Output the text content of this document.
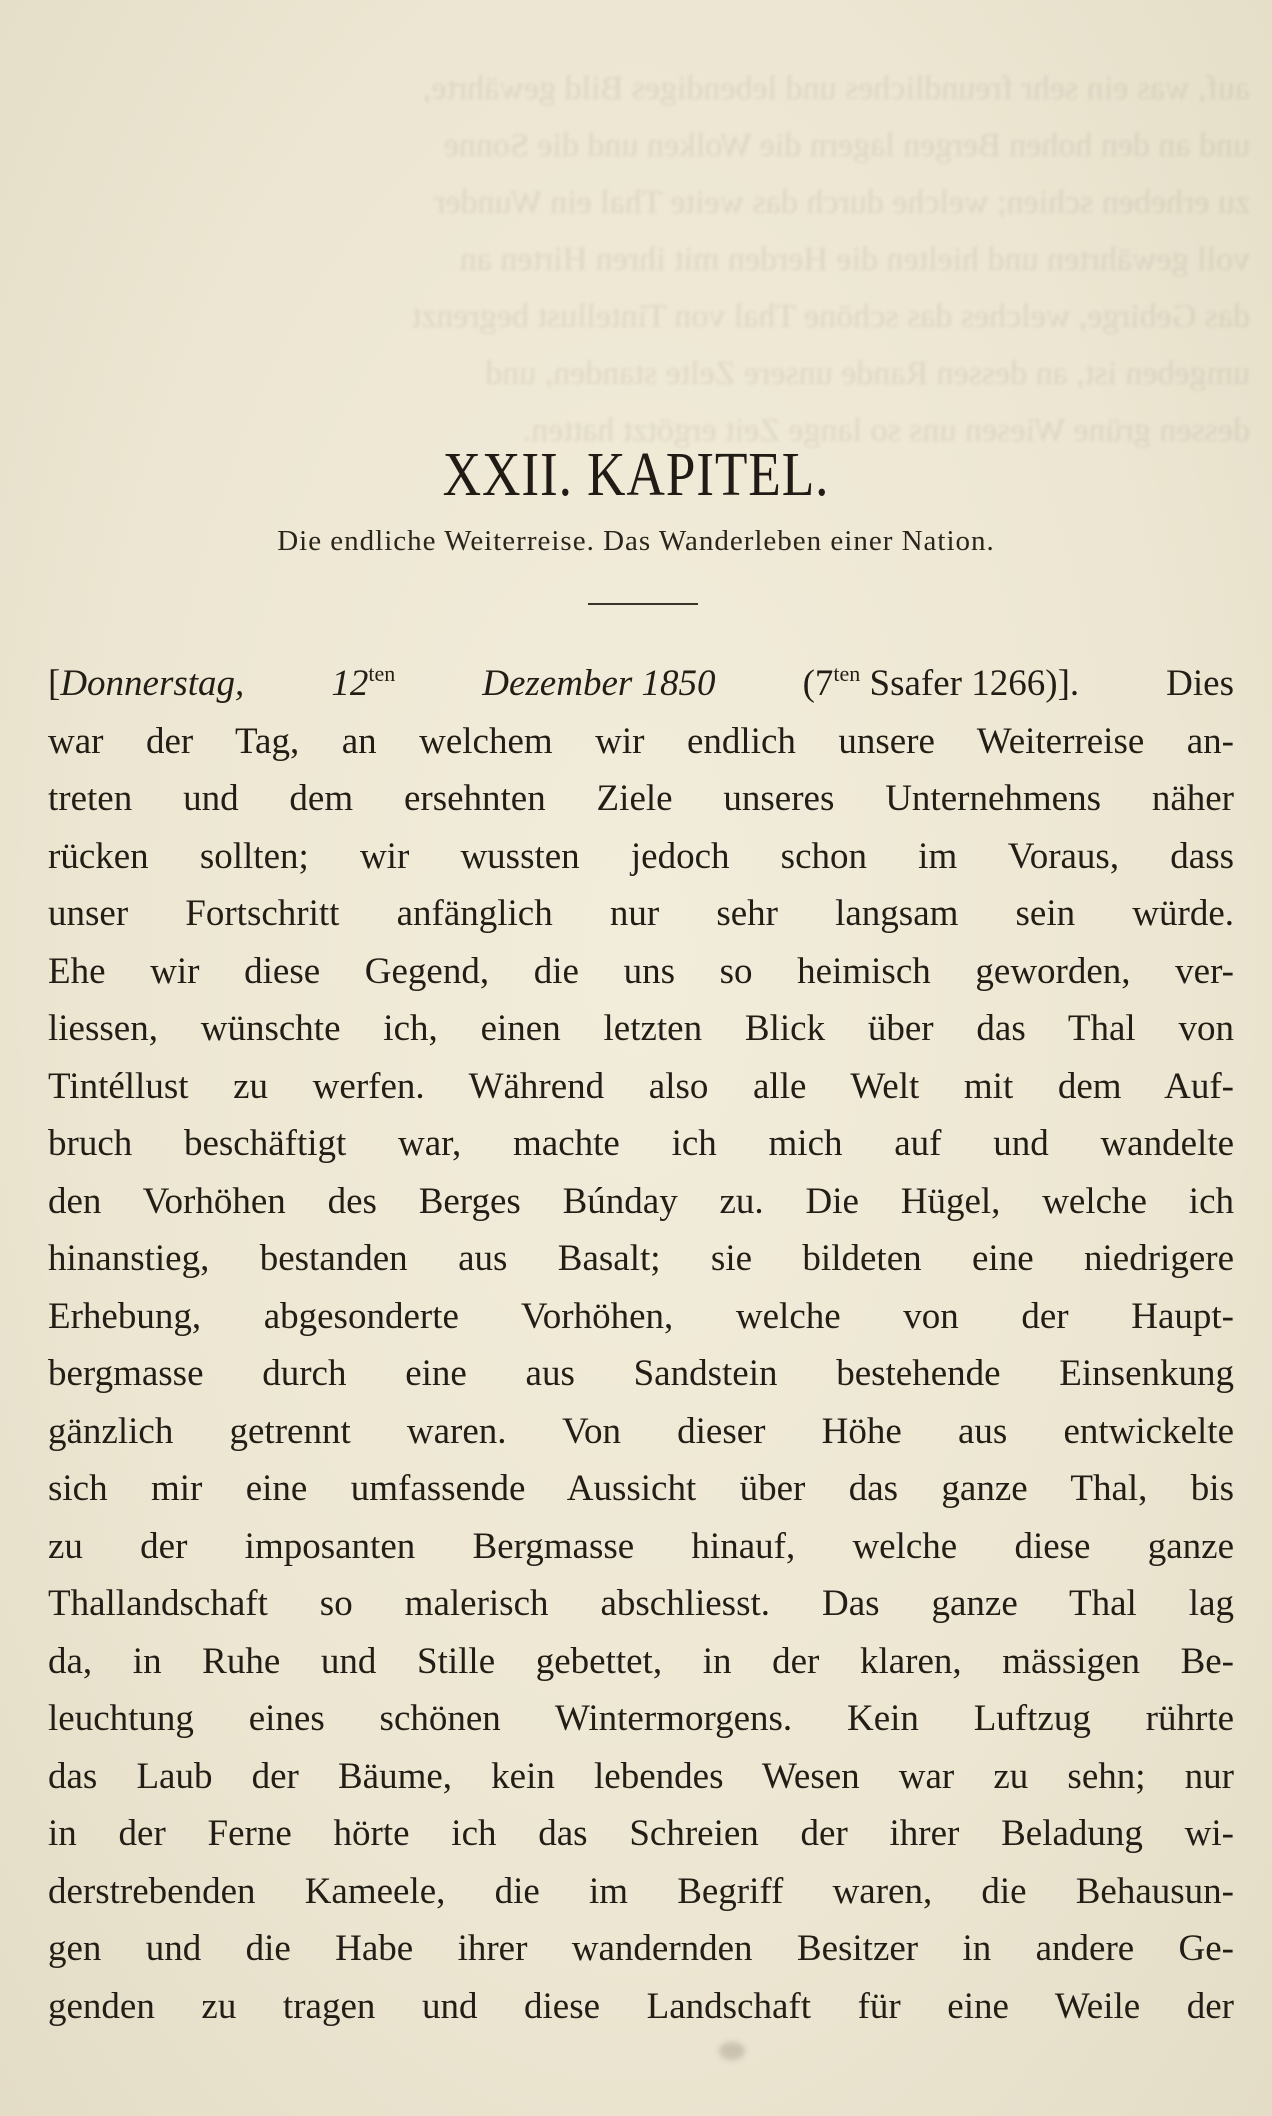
auf, was ein sehr freundliches und lebendiges Bild gewährte,
und an den hohen Bergen lagern die Wolken und die Sonne
zu erheben schien; welche durch das weite Thal ein Wunder
voll gewährten und hielten die Herden mit ihren Hirten an
das Gebirge, welches das schöne Thal von Tintellust begrenzt
umgeben ist, an dessen Rande unsere Zelte standen, und
dessen grüne Wiesen uns so lange Zeit ergötzt hatten.
XXII. KAPITEL.
Die endliche Weiterreise. Das Wanderleben einer Nation.
[Donnerstag, $12^{ten}$ Dezember 1850 ($7^{ten}$ Ssafer 1266)]. Dies
war der Tag, an welchem wir endlich unsere Weiterreise an-
treten und dem ersehnten Ziele unseres Unternehmens näher
rücken sollten; wir wussten jedoch schon im Voraus, dass
unser Fortschritt anfänglich nur sehr langsam sein würde.
Ehe wir diese Gegend, die uns so heimisch geworden, ver-
liessen, wünschte ich, einen letzten Blick über das Thal von
Tintéllust zu werfen. Während also alle Welt mit dem Auf-
bruch beschäftigt war, machte ich mich auf und wandelte
den Vorhöhen des Berges Búnday zu. Die Hügel, welche ich
hinanstieg, bestanden aus Basalt; sie bildeten eine niedrigere
Erhebung, abgesonderte Vorhöhen, welche von der Haupt-
bergmasse durch eine aus Sandstein bestehende Einsenkung
gänzlich getrennt waren. Von dieser Höhe aus entwickelte
sich mir eine umfassende Aussicht über das ganze Thal, bis
zu der imposanten Bergmasse hinauf, welche diese ganze
Thallandschaft so malerisch abschliesst. Das ganze Thal lag
da, in Ruhe und Stille gebettet, in der klaren, mässigen Be-
leuchtung eines schönen Wintermorgens. Kein Luftzug rührte
das Laub der Bäume, kein lebendes Wesen war zu sehn; nur
in der Ferne hörte ich das Schreien der ihrer Beladung wi-
derstrebenden Kameele, die im Begriff waren, die Behausun-
gen und die Habe ihrer wandernden Besitzer in andere Ge-
genden zu tragen und diese Landschaft für eine Weile der
